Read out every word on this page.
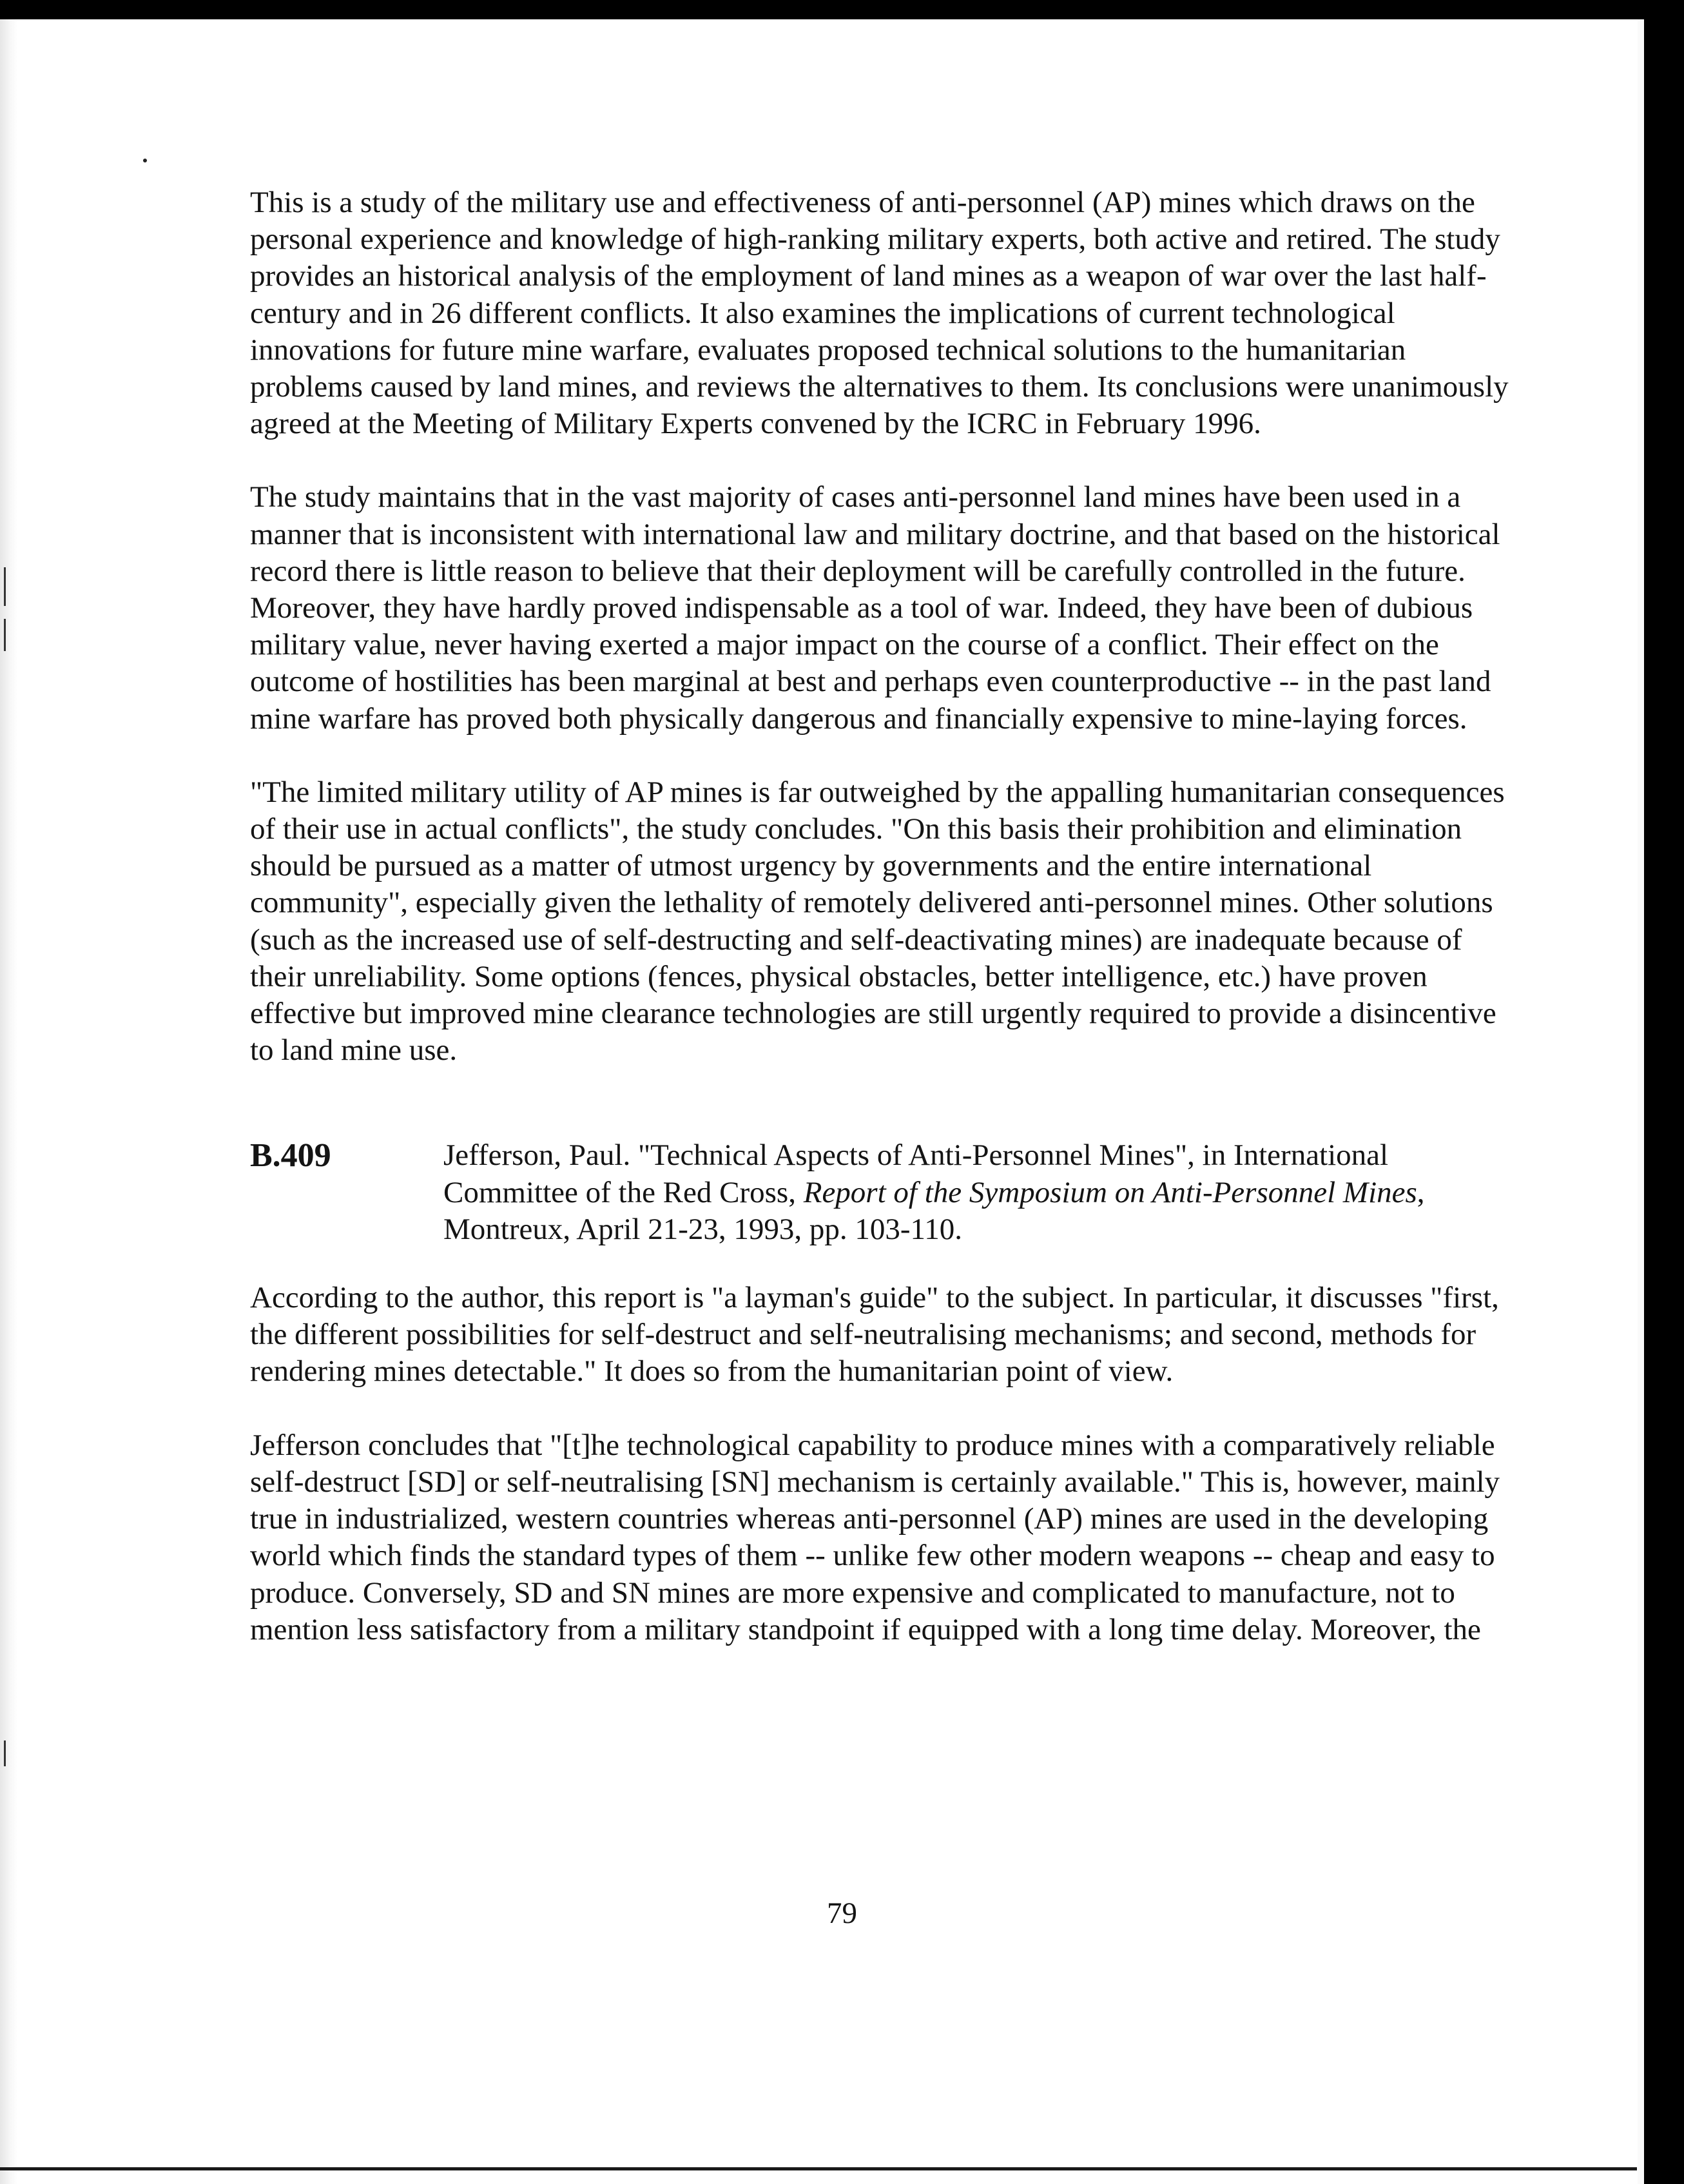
This is a study of the military use and effectiveness of anti-personnel (AP) mines which draws on the personal experience and knowledge of high-ranking military experts, both active and retired. The study provides an historical analysis of the employment of land mines as a weapon of war over the last half-century and in 26 different conflicts. It also examines the implications of current technological innovations for future mine warfare, evaluates proposed technical solutions to the humanitarian problems caused by land mines, and reviews the alternatives to them. Its conclusions were unanimously agreed at the Meeting of Military Experts convened by the ICRC in February 1996.

The study maintains that in the vast majority of cases anti-personnel land mines have been used in a manner that is inconsistent with international law and military doctrine, and that based on the historical record there is little reason to believe that their deployment will be carefully controlled in the future. Moreover, they have hardly proved indispensable as a tool of war. Indeed, they have been of dubious military value, never having exerted a major impact on the course of a conflict. Their effect on the outcome of hostilities has been marginal at best and perhaps even counterproductive -- in the past land mine warfare has proved both physically dangerous and financially expensive to mine-laying forces.

"The limited military utility of AP mines is far outweighed by the appalling humanitarian consequences of their use in actual conflicts", the study concludes. "On this basis their prohibition and elimination should be pursued as a matter of utmost urgency by governments and the entire international community", especially given the lethality of remotely delivered anti-personnel mines. Other solutions (such as the increased use of self-destructing and self-deactivating mines) are inadequate because of their unreliability. Some options (fences, physical obstacles, better intelligence, etc.) have proven effective but improved mine clearance technologies are still urgently required to provide a disincentive to land mine use.

B.409	Jefferson, Paul. "Technical Aspects of Anti-Personnel Mines", in International Committee of the Red Cross, Report of the Symposium on Anti-Personnel Mines, Montreux, April 21-23, 1993, pp. 103-110.

According to the author, this report is "a layman's guide" to the subject. In particular, it discusses "first, the different possibilities for self-destruct and self-neutralising mechanisms; and second, methods for rendering mines detectable." It does so from the humanitarian point of view.

Jefferson concludes that "[t]he technological capability to produce mines with a comparatively reliable self-destruct [SD] or self-neutralising [SN] mechanism is certainly available." This is, however, mainly true in industrialized, western countries whereas anti-personnel (AP) mines are used in the developing world which finds the standard types of them -- unlike few other modern weapons -- cheap and easy to produce. Conversely, SD and SN mines are more expensive and complicated to manufacture, not to mention less satisfactory from a military standpoint if equipped with a long time delay. Moreover, the

79
